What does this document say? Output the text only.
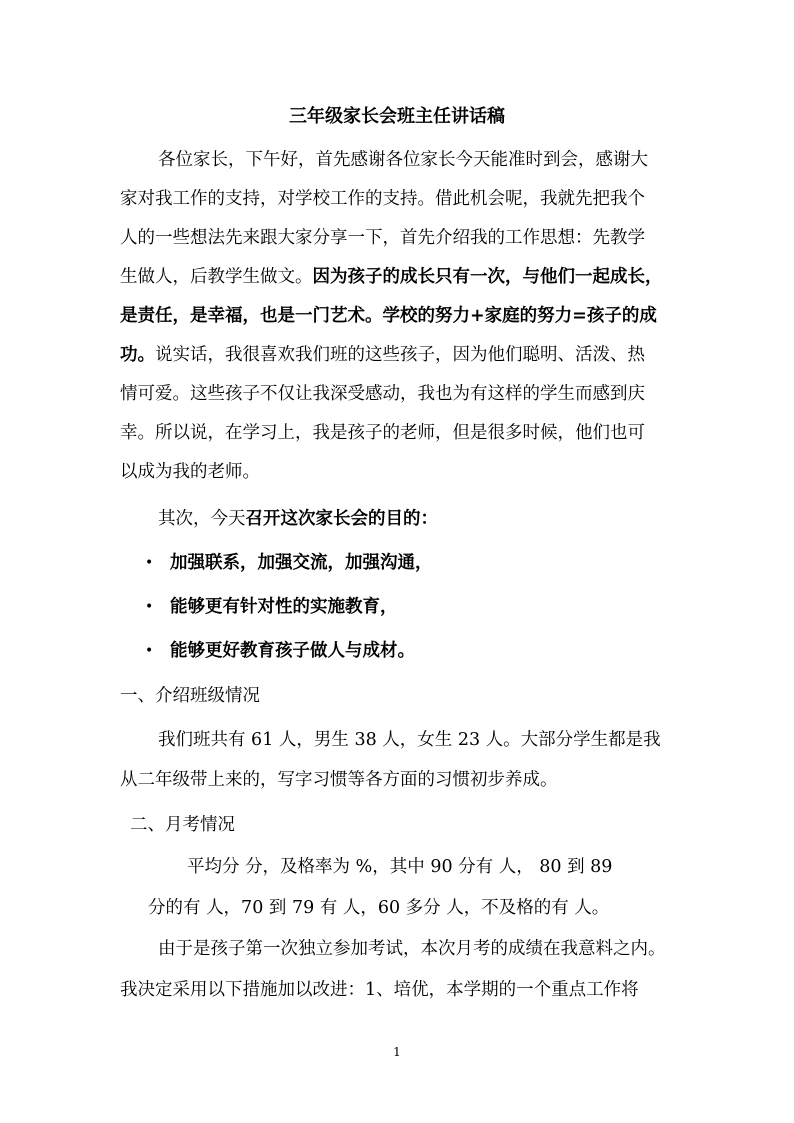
三年级家长会班主任讲话稿
各位家长，下午好，首先感谢各位家长今天能准时到会，感谢大
家对我工作的支持，对学校工作的支持。借此机会呢，我就先把我个
人的一些想法先来跟大家分享一下，首先介绍我的工作思想：先教学
生做人，后教学生做文。因为孩子的成长只有一次，与他们一起成长，
是责任，是幸福，也是一门艺术。学校的努力+家庭的努力=孩子的成
功。说实话，我很喜欢我们班的这些孩子，因为他们聪明、活泼、热
情可爱。这些孩子不仅让我深受感动，我也为有这样的学生而感到庆
幸。所以说，在学习上，我是孩子的老师，但是很多时候，他们也可
以成为我的老师。
其次，今天召开这次家长会的目的：
• 加强联系，加强交流，加强沟通，
• 能够更有针对性的实施教育，
• 能够更好教育孩子做人与成材。
一、介绍班级情况
我们班共有 61 人，男生 38 人，女生 23 人。大部分学生都是我
从二年级带上来的，写字习惯等各方面的习惯初步养成。
二、月考情况
平均分 分，及格率为 %，其中 90 分有 人， 80 到 89
分的有 人，70 到 79 有 人，60 多分 人，不及格的有 人。
由于是孩子第一次独立参加考试，本次月考的成绩在我意料之内。
我决定采用以下措施加以改进：1、培优，本学期的一个重点工作将
1
